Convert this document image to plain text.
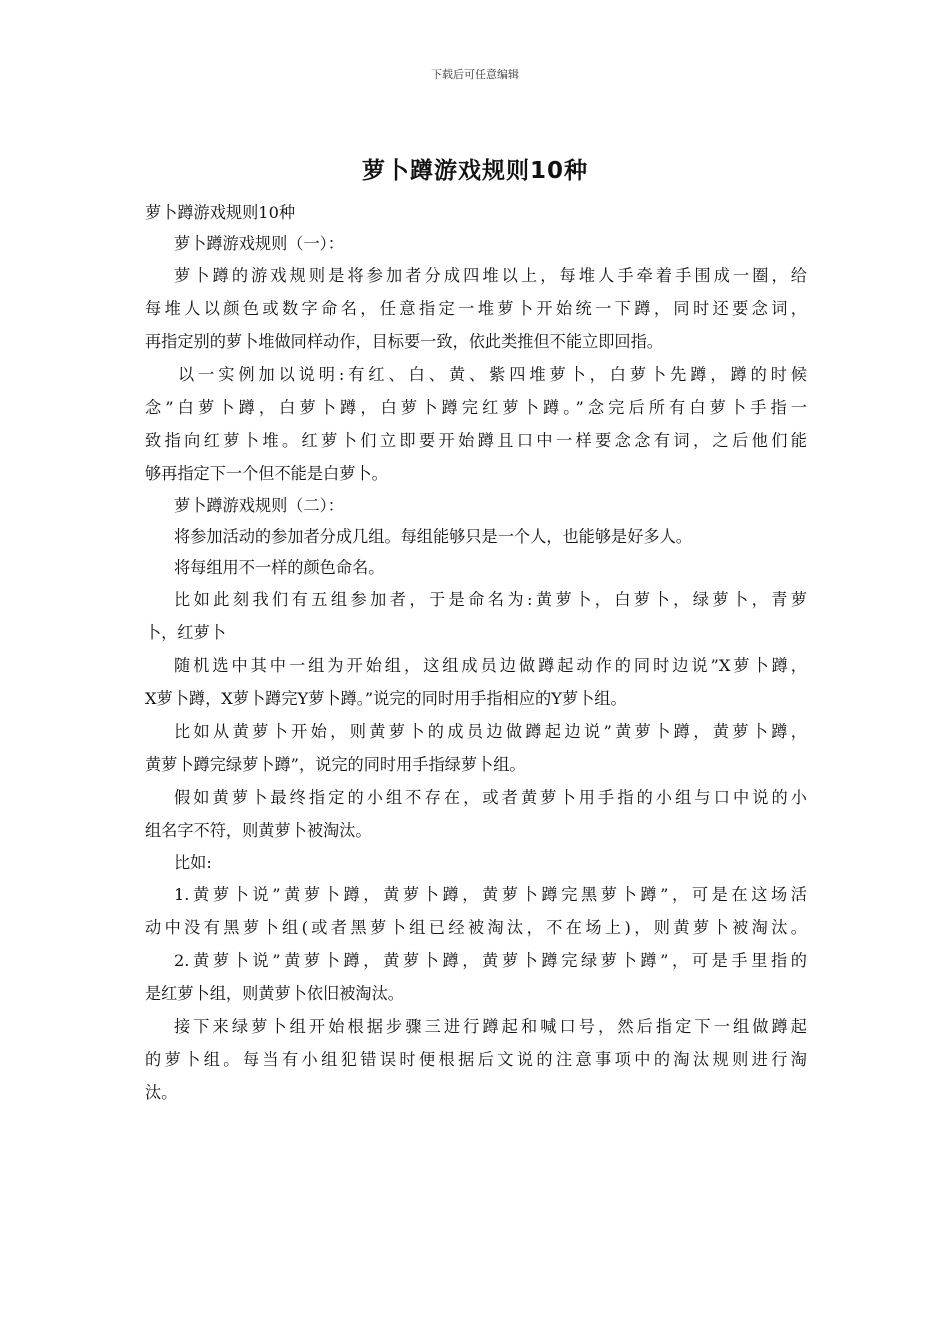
下载后可任意编辑
萝卜蹲游戏规则10种
萝卜蹲游戏规则10种
萝卜蹲游戏规则（一）：
萝卜蹲的游戏规则是将参加者分成四堆以上，每堆人手牵着手围成一圈，给
每堆人以颜色或数字命名，任意指定一堆萝卜开始统一下蹲，同时还要念词，
再指定别的萝卜堆做同样动作，目标要一致，依此类推但不能立即回指。
以一实例加以说明:有红、白、黄、紫四堆萝卜，白萝卜先蹲，蹲的时候
念”白萝卜蹲，白萝卜蹲，白萝卜蹲完红萝卜蹲。”念完后所有白萝卜手指一
致指向红萝卜堆。红萝卜们立即要开始蹲且口中一样要念念有词，之后他们能
够再指定下一个但不能是白萝卜。
萝卜蹲游戏规则（二）：
将参加活动的参加者分成几组。每组能够只是一个人，也能够是好多人。
将每组用不一样的颜色命名。
比如此刻我们有五组参加者，于是命名为:黄萝卜，白萝卜，绿萝卜，青萝
卜，红萝卜
随机选中其中一组为开始组，这组成员边做蹲起动作的同时边说”X萝卜蹲，
X萝卜蹲，X萝卜蹲完Y萝卜蹲。”说完的同时用手指相应的Y萝卜组。
比如从黄萝卜开始，则黄萝卜的成员边做蹲起边说”黄萝卜蹲，黄萝卜蹲，
黄萝卜蹲完绿萝卜蹲”，说完的同时用手指绿萝卜组。
假如黄萝卜最终指定的小组不存在，或者黄萝卜用手指的小组与口中说的小
组名字不符，则黄萝卜被淘汰。
比如:
1.黄萝卜说”黄萝卜蹲，黄萝卜蹲，黄萝卜蹲完黑萝卜蹲”，可是在这场活
动中没有黑萝卜组(或者黑萝卜组已经被淘汰，不在场上)，则黄萝卜被淘汰。
2.黄萝卜说”黄萝卜蹲，黄萝卜蹲，黄萝卜蹲完绿萝卜蹲”，可是手里指的
是红萝卜组，则黄萝卜依旧被淘汰。
接下来绿萝卜组开始根据步骤三进行蹲起和喊口号，然后指定下一组做蹲起
的萝卜组。每当有小组犯错误时便根据后文说的注意事项中的淘汰规则进行淘
汰。
